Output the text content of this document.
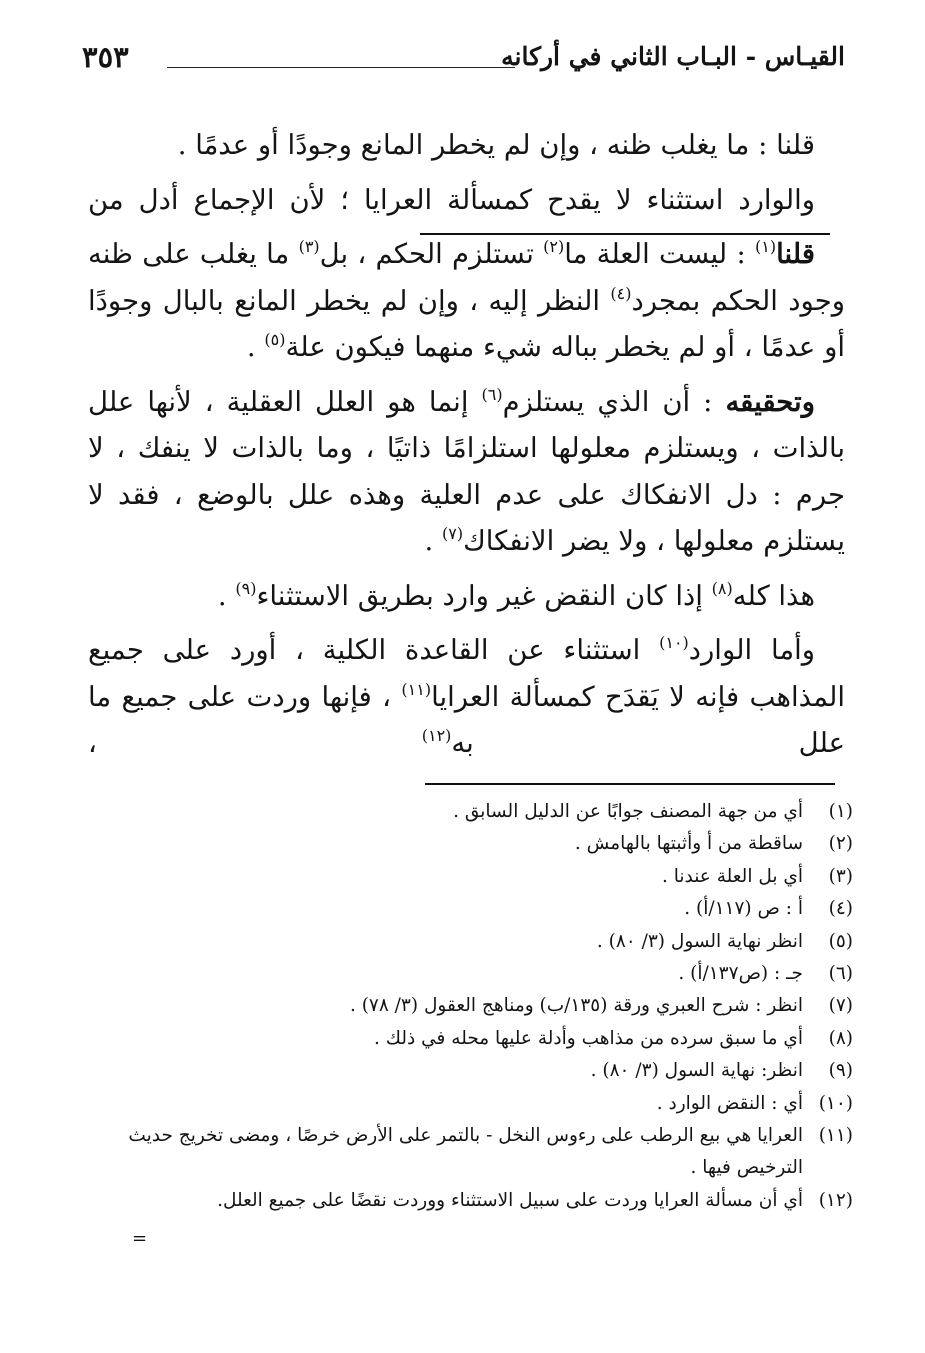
القيـاس - البـاب الثاني في أركانه
٣٥٣

قلنا : ما يغلب ظنه ، وإن لم يخطر المانع وجودًا أو عدمًا .

والوارد استثناء لا يقدح كمسألة العرايا ؛ لأن الإجماع أدل من

قلنا$^{(١)}$ : ليست العلة ما$^{(٢)}$ تستلزم الحكم ، بل$^{(٣)}$ ما يغلب على ظنه وجود الحكم بمجرد$^{(٤)}$ النظر إليه ، وإن لم يخطر المانع بالبال وجودًا أو عدمًا ، أو لم يخطر بباله شيء منهما فيكون علة$^{(٥)}$ .

وتحقيقه : أن الذي يستلزم$^{(٦)}$ إنما هو العلل العقلية ، لأنها علل بالذات ، ويستلزم معلولها استلزامًا ذاتيًا ، وما بالذات لا ينفك ، لا جرم : دل الانفكاك على عدم العلية وهذه علل بالوضع ، فقد لا يستلزم معلولها ، ولا يضر الانفكاك$^{(٧)}$ .

هذا كله$^{(٨)}$ إذا كان النقض غير وارد بطريق الاستثناء$^{(٩)}$ .

وأما الوارد$^{(١٠)}$ استثناء عن القاعدة الكلية ، أورد على جميع المذاهب فإنه لا يَقدَح كمسألة العرايا$^{(١١)}$ ، فإنها وردت على جميع ما علل به$^{(١٢)}$ ،

(١)
أي من جهة المصنف جوابًا عن الدليل السابق .

(٢)
ساقطة من أ وأثبتها بالهامش .

(٣)
أي بل العلة عندنا .

(٤)
أ : ص (١١٧/أ) .

(٥)
انظر نهاية السول (٣/ ٨٠) .

(٦)
جـ : (ص١٣٧/أ) .

(٧)
انظر : شرح العبري ورقة (١٣٥/ب) ومناهج العقول (٣/ ٧٨) .

(٨)
أي ما سبق سرده من مذاهب وأدلة عليها محله في ذلك .

(٩)
انظر: نهاية السول (٣/ ٨٠) .

(١٠)
أي : النقض الوارد .

(١١)
العرايا هي بيع الرطب على رءوس النخل - بالتمر على الأرض خرصًا ، ومضى تخريج حديث الترخيص فيها .

(١٢)
أي أن مسألة العرايا وردت على سبيل الاستثناء ووردت نقضًا على جميع العلل.

=
